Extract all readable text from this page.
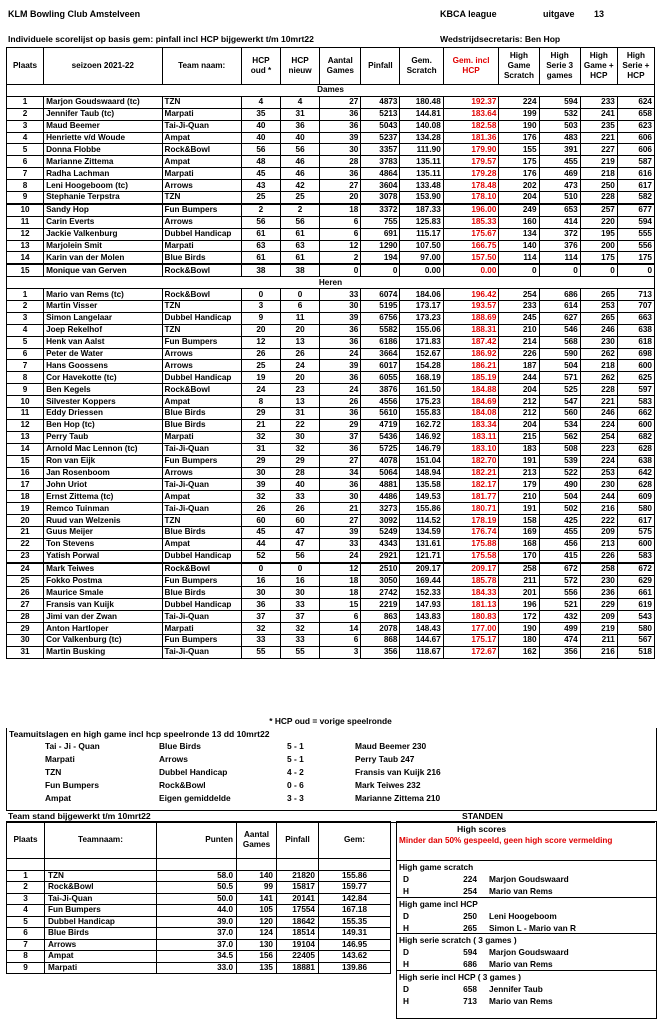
KLM Bowling Club Amstelveen	KBCA league	uitgave 13
Individuele scorelijst op basis gem: pinfall incl HCP bijgewerkt t/m 10mrt22	Wedstrijdsecretaris: Ben Hop
Plaats	seizoen 2021-22	Team naam:	HCP oud *	HCP nieuw	Aantal Games	Pinfall	Gem. Scratch	Gem. incl HCP	High Game Scratch	High Serie 3 games	High Game + HCP	High Serie + HCP
Dames												
1	Marjon Goudswaard (tc)	TZN	4	4	27	4873	180.48	192.37	224	594	233	624
2	Jennifer Taub (tc)	Marpati	35	31	36	5213	144.81	183.64	199	532	241	658
3	Maud Beemer	Tai-Ji-Quan	40	36	36	5043	140.08	182.58	190	503	235	623
4	Henriette v/d Woude	Ampat	40	40	39	5237	134.28	181.36	176	483	221	606
5	Donna Flobbe	Rock&Bowl	56	56	30	3357	111.90	179.90	155	391	227	606
6	Marianne Zittema	Ampat	48	46	28	3783	135.11	179.57	175	455	219	587
7	Radha Lachman	Marpati	45	46	36	4864	135.11	179.28	176	469	218	616
8	Leni Hoogeboom (tc)	Arrows	43	42	27	3604	133.48	178.48	202	473	250	617
9	Stephanie Terpstra	TZN	25	25	20	3078	153.90	178.10	204	510	228	582
10	Sandy Hop	Fun Bumpers	2	2	18	3372	187.33	196.00	249	653	257	677
11	Carin Everts	Arrows	56	56	6	755	125.83	185.33	160	414	220	594
12	Jackie Valkenburg	Dubbel Handicap	61	61	6	691	115.17	175.67	134	372	195	555
13	Marjolein Smit	Marpati	63	63	12	1290	107.50	166.75	140	376	200	556
14	Karin van der Molen	Blue Birds	61	61	2	194	97.00	157.50	114	114	175	175
15	Monique van Gerven	Rock&Bowl	38	38	0	0	0.00	0.00	0	0	0	0
Heren												
1	Mario van Rems (tc)	Rock&Bowl	0	0	33	6074	184.06	196.42	254	686	265	713
2	Martin Visser	TZN	3	6	30	5195	173.17	193.57	233	614	253	707
3	Simon Langelaar	Dubbel Handicap	9	11	39	6756	173.23	188.69	245	627	265	663
4	Joep Rekelhof	TZN	20	20	36	5582	155.06	188.31	210	546	246	638
5	Henk van Aalst	Fun Bumpers	12	13	36	6186	171.83	187.42	214	568	230	618
6	Peter de Water	Arrows	26	26	24	3664	152.67	186.92	226	590	262	698
7	Hans Goossens	Arrows	25	24	39	6017	154.28	186.21	187	504	218	600
8	Cor Havekotte (tc)	Dubbel Handicap	19	20	36	6055	168.19	185.19	244	571	262	625
9	Ben Kegels	Rock&Bowl	24	23	24	3876	161.50	184.88	204	525	228	597
10	Silvester Koppers	Ampat	8	13	26	4556	175.23	184.69	212	547	221	583
11	Eddy Driessen	Blue Birds	29	31	36	5610	155.83	184.08	212	560	246	662
12	Ben Hop (tc)	Blue Birds	21	22	29	4719	162.72	183.34	204	534	224	600
13	Perry Taub	Marpati	32	30	37	5436	146.92	183.11	215	562	254	682
14	Arnold Mac Lennon (tc)	Tai-Ji-Quan	31	32	36	5725	146.79	183.10	183	508	223	628
15	Ron van Eijk	Fun Bumpers	29	29	27	4078	151.04	182.70	191	539	224	638
16	Jan Rosenboom	Arrows	30	28	34	5064	148.94	182.21	213	522	253	642
17	John Uriot	Tai-Ji-Quan	39	40	36	4881	135.58	182.17	179	490	230	628
18	Ernst Zittema (tc)	Ampat	32	33	30	4486	149.53	181.77	210	504	244	609
19	Remco Tuinman	Tai-Ji-Quan	26	26	21	3273	155.86	180.71	191	502	216	580
20	Ruud van Welzenis	TZN	60	60	27	3092	114.52	178.19	158	425	222	617
21	Guus Meijer	Blue Birds	45	47	39	5249	134.59	176.74	169	455	209	575
22	Ton Stevens	Ampat	44	47	33	4343	131.61	175.88	168	456	213	600
23	Yatish Porwal	Dubbel Handicap	52	56	24	2921	121.71	175.58	170	415	226	583
24	Mark Teiwes	Rock&Bowl	0	0	12	2510	209.17	209.17	258	672	258	672
25	Fokko Postma	Fun Bumpers	16	16	18	3050	169.44	185.78	211	572	230	629
26	Maurice Smale	Blue Birds	30	30	18	2742	152.33	184.33	201	556	236	661
27	Fransis van Kuijk	Dubbel Handicap	36	33	15	2219	147.93	181.13	196	521	229	619
28	Jimi van der Zwan	Tai-Ji-Quan	37	37	6	863	143.83	180.83	172	432	209	543
29	Anton Hartloper	Marpati	32	32	14	2078	148.43	177.00	190	499	219	580
30	Cor Valkenburg (tc)	Fun Bumpers	33	33	6	868	144.67	175.17	180	474	211	567
31	Martin Busking	Tai-Ji-Quan	55	55	3	356	118.67	172.67	162	356	216	518
* HCP oud = vorige speelronde
Teamuitslagen en high game incl hcp speelronde 13 dd 10mrt22
Tai - Ji - Quan	Blue Birds	5 - 1	Maud Beemer 230
Marpati	Arrows	5 - 1	Perry Taub 247
TZN	Dubbel Handicap	4 - 2	Fransis van Kuijk 216
Fun Bumpers	Rock&Bowl	0 - 6	Mark Teiwes 232
Ampat	Eigen gemiddelde	3 - 3	Marianne Zittema 210
Team stand bijgewerkt t/m 10mrt22	STANDEN
Plaats	Teamnaam:	Punten	Aantal Games	Pinfall	Gem:

1	TZN	58.0	140	21820	155.86
2	Rock&Bowl	50.5	99	15817	159.77
3	Tai-Ji-Quan	50.0	141	20141	142.84
4	Fun Bumpers	44.0	105	17554	167.18
5	Dubbel Handicap	39.0	120	18642	155.35
6	Blue Birds	37.0	124	18514	149.31
7	Arrows	37.0	130	19104	146.95
8	Ampat	34.5	156	22405	143.62
9	Marpati	33.0	135	18881	139.86
High scores
Minder dan 50% gespeeld, geen high score vermelding
High game scratch
D	224 Marjon Goudswaard
H	254 Mario van Rems
High game incl HCP
D	250 Leni Hoogeboom
H	265 Simon L - Mario van R
High serie scratch ( 3 games )
D	594 Marjon Goudswaard
H	686 Mario van Rems
High serie incl HCP ( 3 games )
D	658 Jennifer Taub
H	713 Mario van Rems
